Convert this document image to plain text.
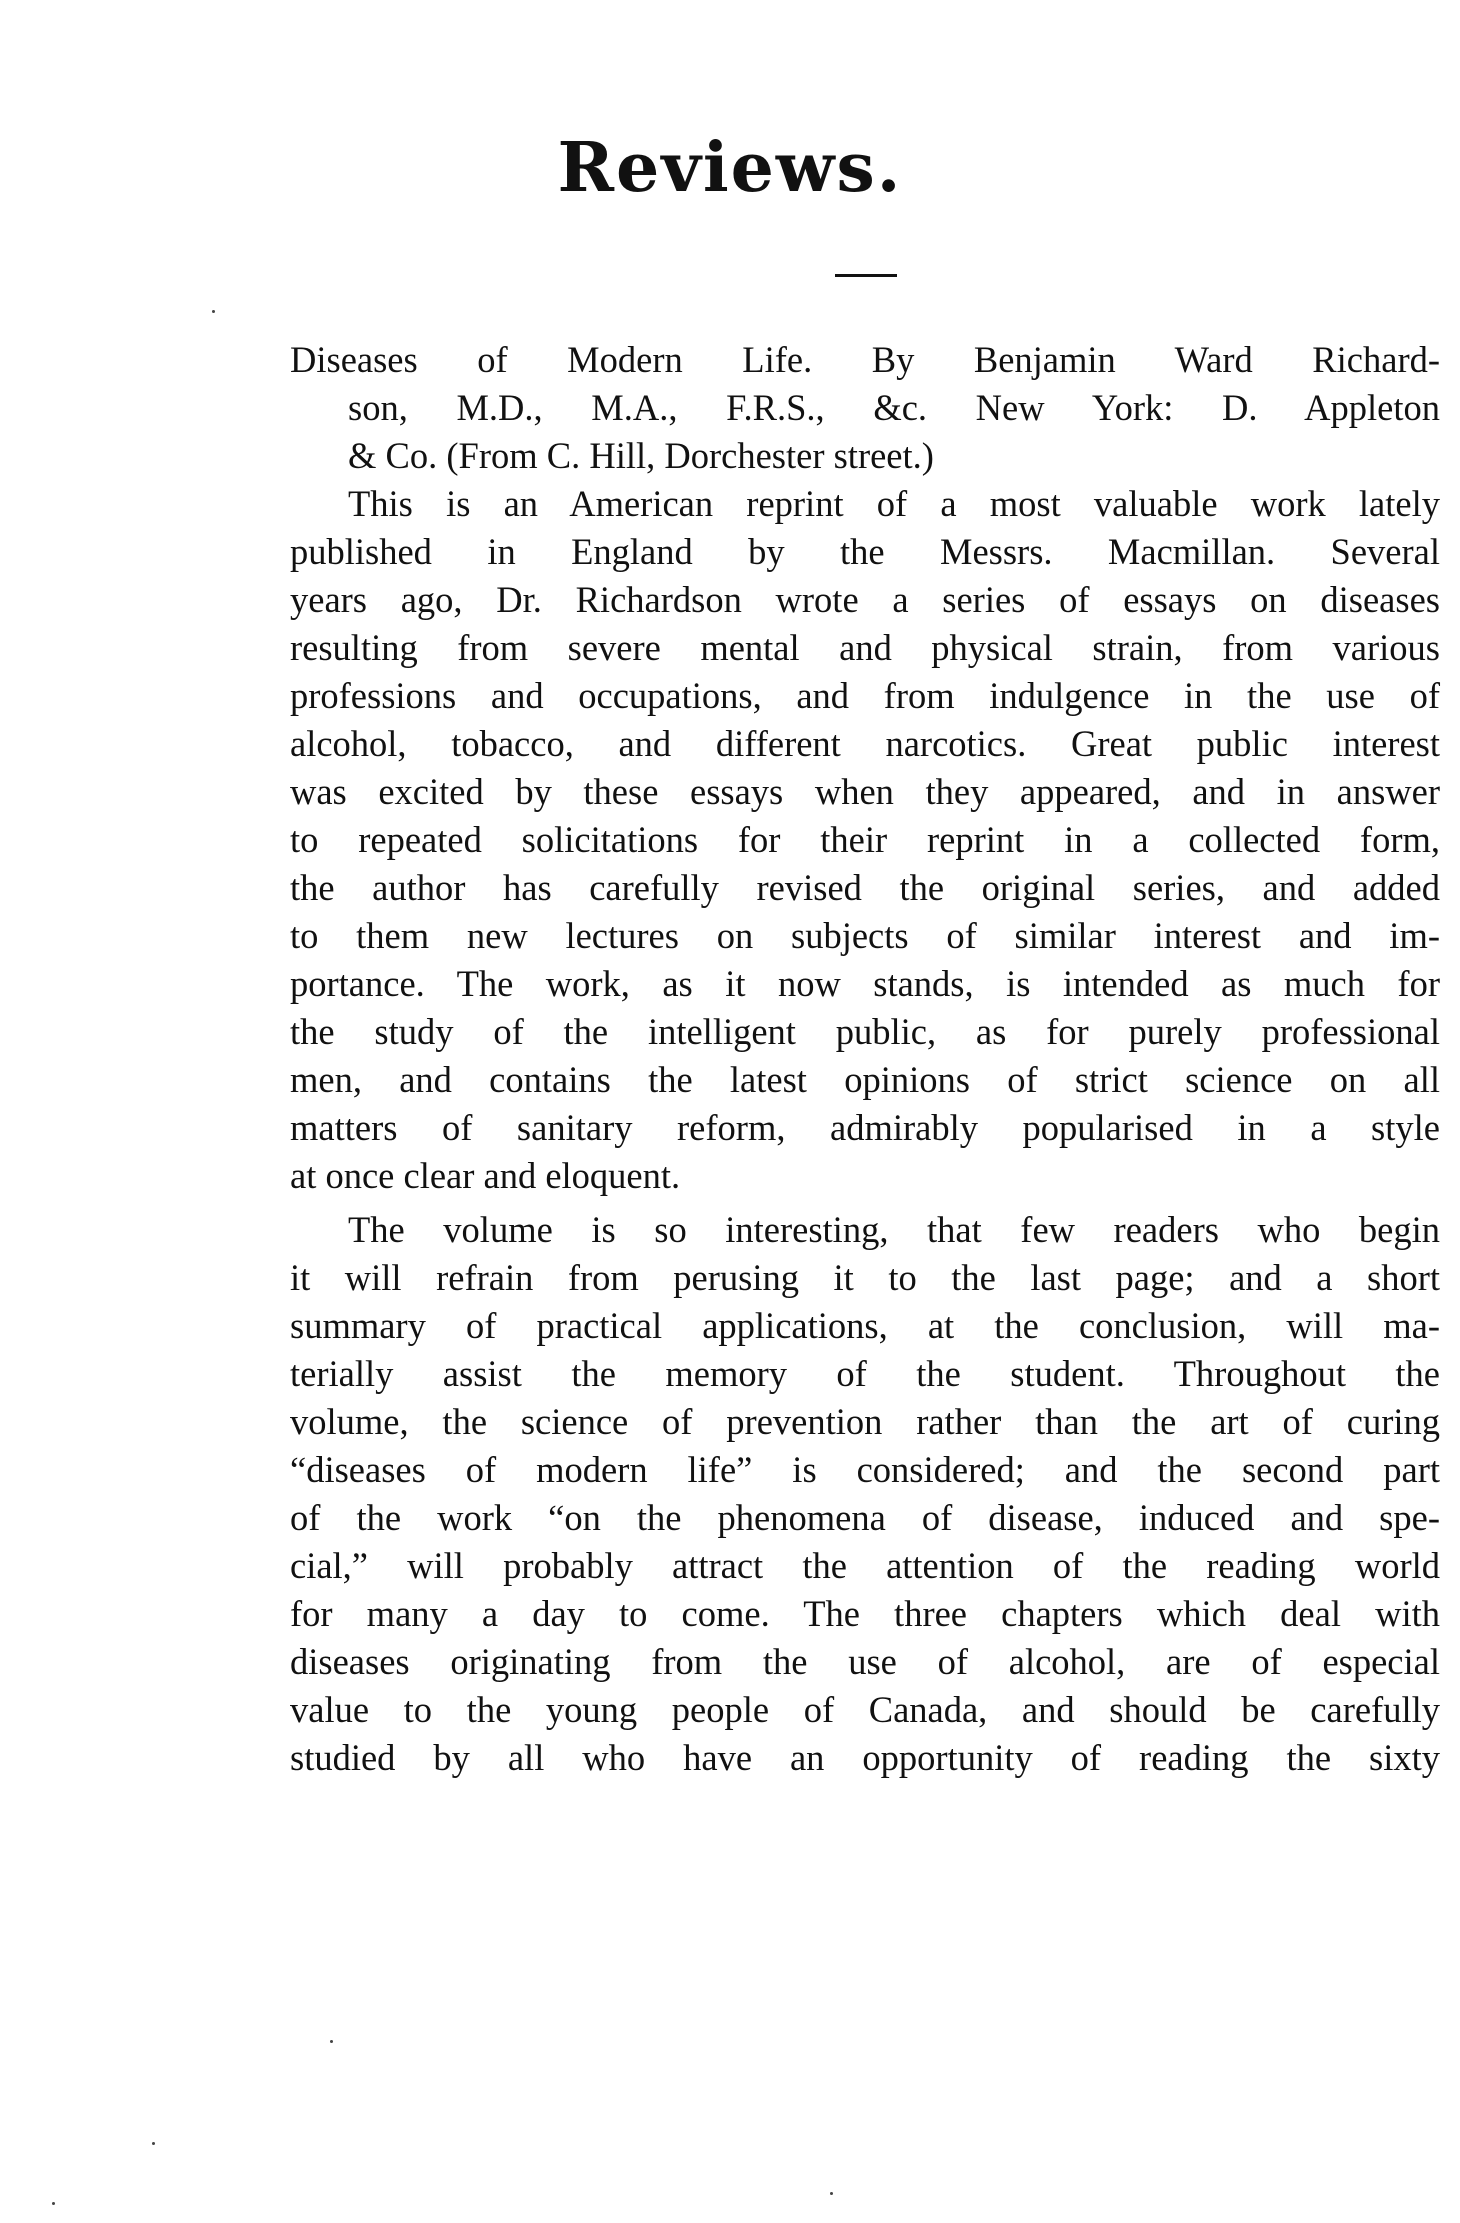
Reviews.
Diseases of Modern Life. By Benjamin Ward Richard-
son, M.D., M.A., F.R.S., &c. New York: D. Appleton
& Co. (From C. Hill, Dorchester street.)
This is an American reprint of a most valuable work lately
published in England by the Messrs. Macmillan. Several
years ago, Dr. Richardson wrote a series of essays on diseases
resulting from severe mental and physical strain, from various
professions and occupations, and from indulgence in the use of
alcohol, tobacco, and different narcotics. Great public interest
was excited by these essays when they appeared, and in answer
to repeated solicitations for their reprint in a collected form,
the author has carefully revised the original series, and added
to them new lectures on subjects of similar interest and im-
portance. The work, as it now stands, is intended as much for
the study of the intelligent public, as for purely professional
men, and contains the latest opinions of strict science on all
matters of sanitary reform, admirably popularised in a style
at once clear and eloquent.
The volume is so interesting, that few readers who begin
it will refrain from perusing it to the last page; and a short
summary of practical applications, at the conclusion, will ma-
terially assist the memory of the student. Throughout the
volume, the science of prevention rather than the art of curing
“diseases of modern life” is considered; and the second part
of the work “on the phenomena of disease, induced and spe-
cial,” will probably attract the attention of the reading world
for many a day to come. The three chapters which deal with
diseases originating from the use of alcohol, are of especial
value to the young people of Canada, and should be carefully
studied by all who have an opportunity of reading the sixty
